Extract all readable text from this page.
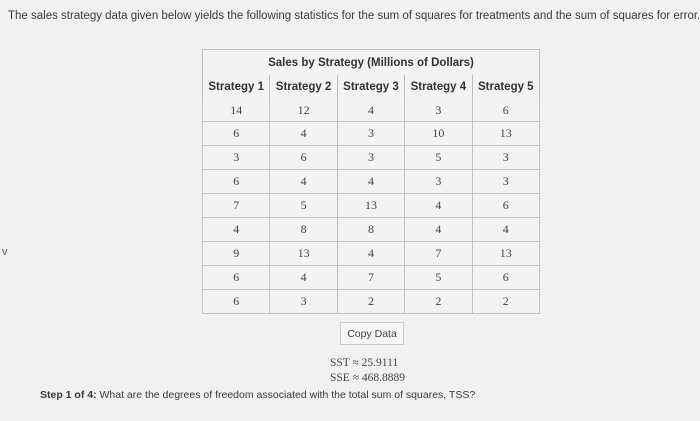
The sales strategy data given below yields the following statistics for the sum of squares for treatments and the sum of squares for error.
v
Sales by Strategy (Millions of Dollars)				
Strategy 1	Strategy 2	Strategy 3	Strategy 4	Strategy 5
14	12	4	3	6
6	4	3	10	13
3	6	3	5	3
6	4	4	3	3
7	5	13	4	6
4	8	8	4	4
9	13	4	7	13
6	4	7	5	6
6	3	2	2	2
Copy Data
SST ≈ 25.9111
SSE ≈ 468.8889
Step 1 of 4: What are the degrees of freedom associated with the total sum of squares, TSS?
